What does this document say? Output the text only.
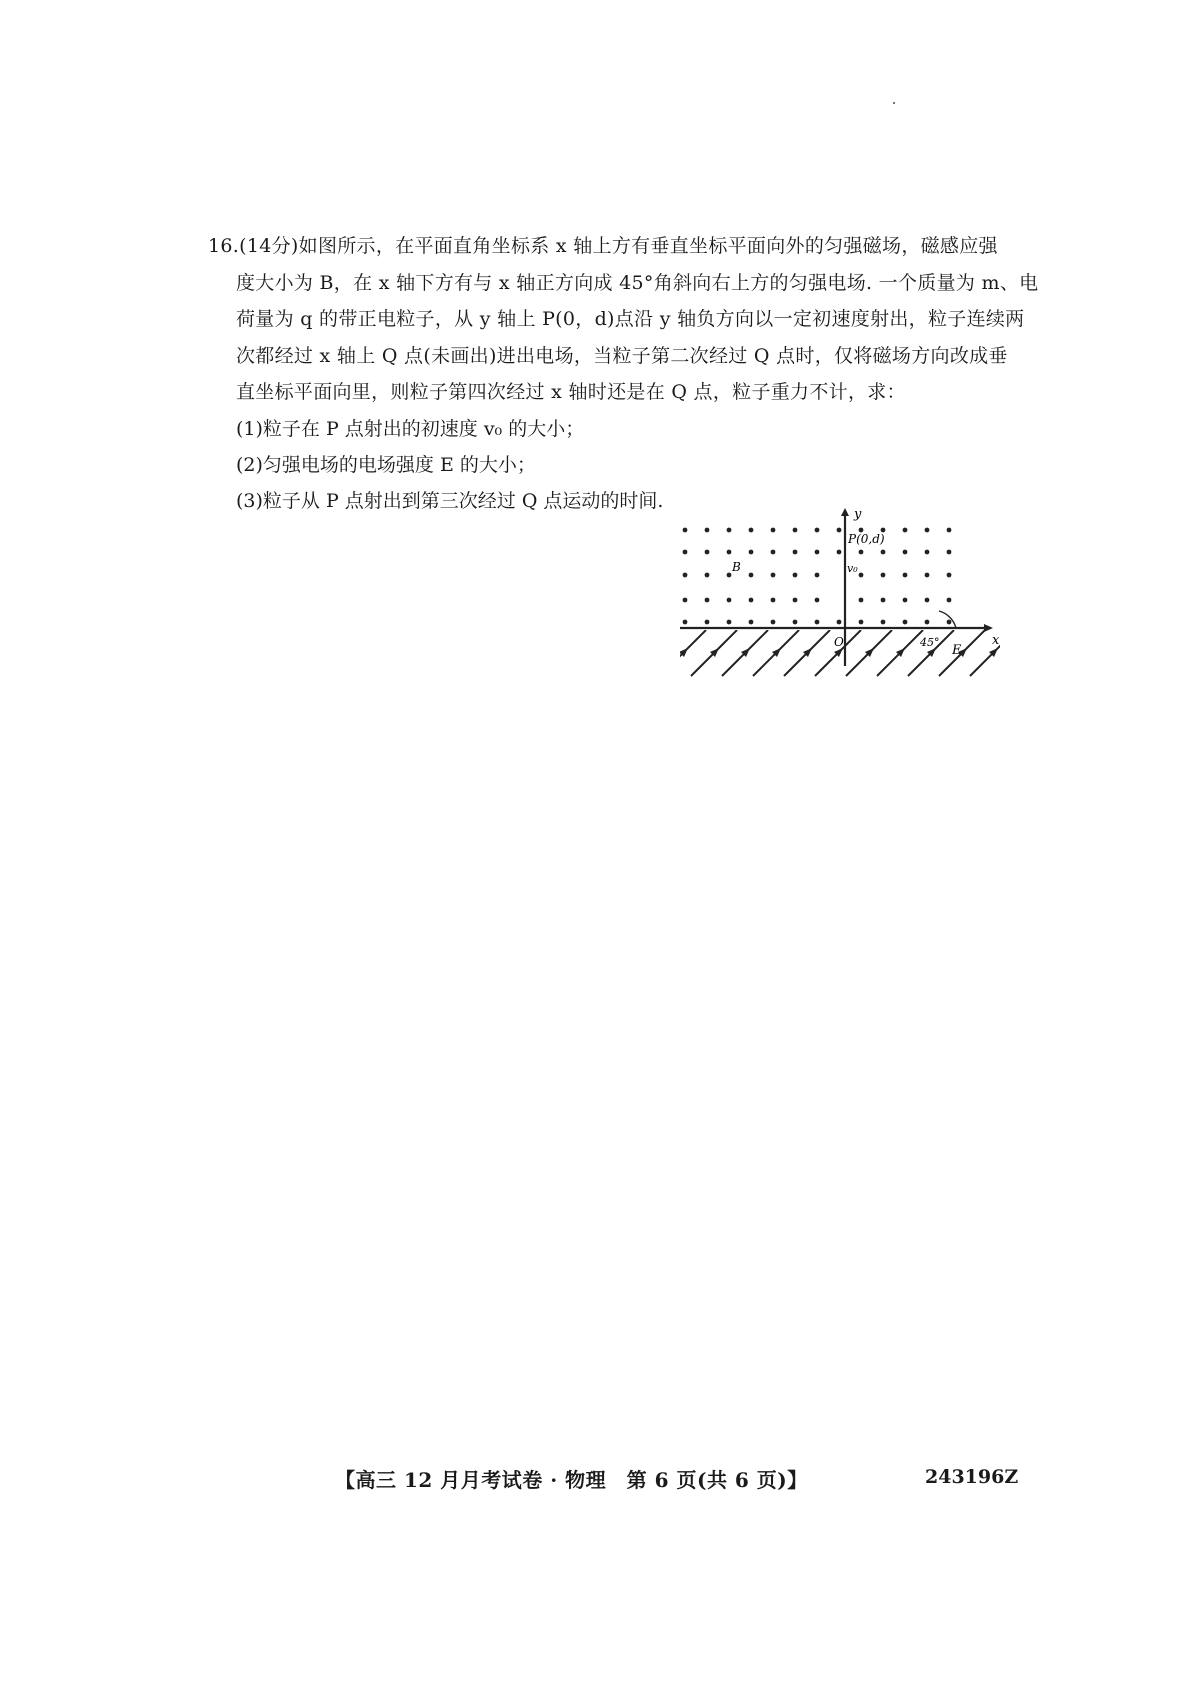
16.(14分)如图所示，在平面直角坐标系 x 轴上方有垂直坐标平面向外的匀强磁场，磁感应强
度大小为 B，在 x 轴下方有与 x 轴正方向成 45°角斜向右上方的匀强电场. 一个质量为 m、电
荷量为 q 的带正电粒子，从 y 轴上 P(0，d)点沿 y 轴负方向以一定初速度射出，粒子连续两
次都经过 x 轴上 Q 点(未画出)进出电场，当粒子第二次经过 Q 点时，仅将磁场方向改成垂
直坐标平面向里，则粒子第四次经过 x 轴时还是在 Q 点，粒子重力不计，求：
(1)粒子在 P 点射出的初速度 v₀ 的大小；
(2)匀强电场的电场强度 E 的大小；
(3)粒子从 P 点射出到第三次经过 Q 点运动的时间.
y
x
P(0,d)
v₀
B
O	45°
E
【高三 12 月月考试卷 · 物理　第 6 页(共 6 页)】	243196Z
